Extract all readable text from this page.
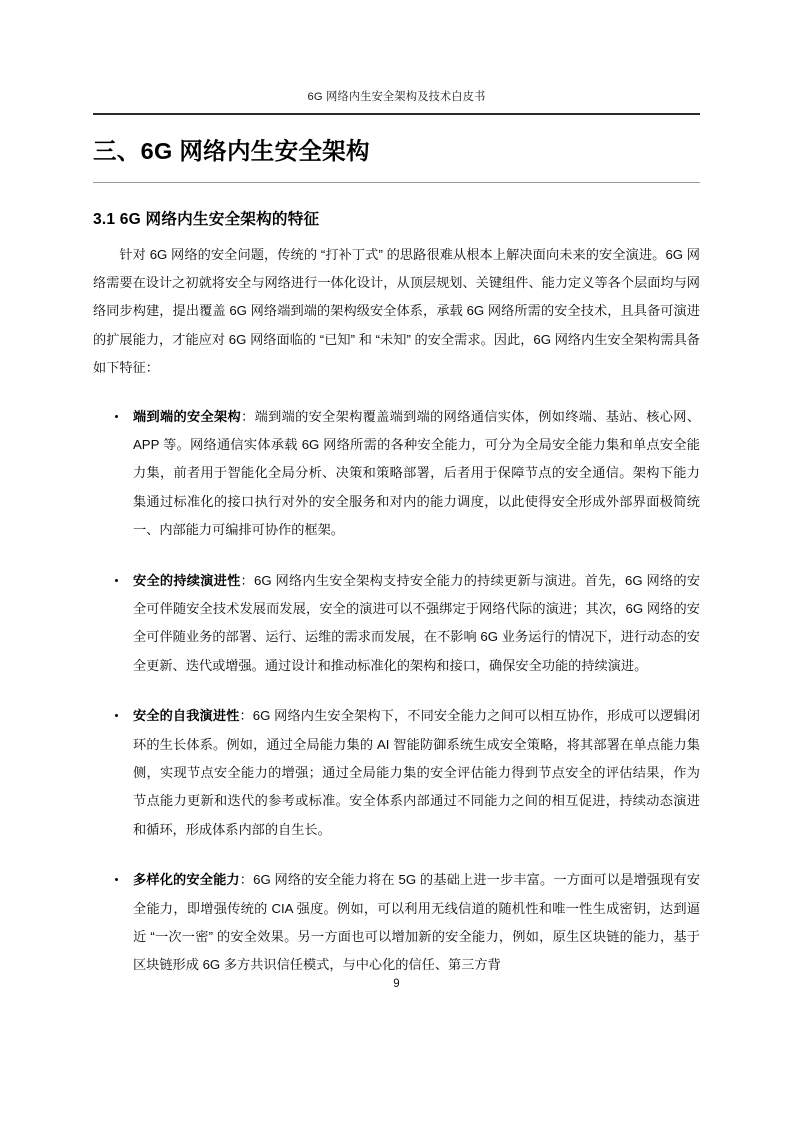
6G 网络内生安全架构及技术白皮书
三、6G 网络内生安全架构
3.1 6G 网络内生安全架构的特征

针对 6G 网络的安全问题，传统的 “打补丁式” 的思路很难从根本上解决面向未来的安全演进。6G 网络需要在设计之初就将安全与网络进行一体化设计，从顶层规划、关键组件、能力定义等各个层面均与网络同步构建，提出覆盖 6G 网络端到端的架构级安全体系，承载 6G 网络所需的安全技术，且具备可演进的扩展能力，才能应对 6G 网络面临的 “已知” 和 “未知” 的安全需求。因此，6G 网络内生安全架构需具备如下特征：

端到端的安全架构：端到端的安全架构覆盖端到端的网络通信实体，例如终端、基站、核心网、APP 等。网络通信实体承载 6G 网络所需的各种安全能力，可分为全局安全能力集和单点安全能力集，前者用于智能化全局分析、决策和策略部署，后者用于保障节点的安全通信。架构下能力集通过标准化的接口执行对外的安全服务和对内的能力调度，以此使得安全形成外部界面极简统一、内部能力可编排可协作的框架。
安全的持续演进性：6G 网络内生安全架构支持安全能力的持续更新与演进。首先，6G 网络的安全可伴随安全技术发展而发展，安全的演进可以不强绑定于网络代际的演进；其次，6G 网络的安全可伴随业务的部署、运行、运维的需求而发展，在不影响 6G 业务运行的情况下，进行动态的安全更新、迭代或增强。通过设计和推动标准化的架构和接口，确保安全功能的持续演进。
安全的自我演进性：6G 网络内生安全架构下，不同安全能力之间可以相互协作，形成可以逻辑闭环的生长体系。例如，通过全局能力集的 AI 智能防御系统生成安全策略，将其部署在单点能力集侧，实现节点安全能力的增强；通过全局能力集的安全评估能力得到节点安全的评估结果，作为节点能力更新和迭代的参考或标准。安全体系内部通过不同能力之间的相互促进，持续动态演进和循环，形成体系内部的自生长。
多样化的安全能力：6G 网络的安全能力将在 5G 的基础上进一步丰富。一方面可以是增强现有安全能力，即增强传统的 CIA 强度。例如，可以利用无线信道的随机性和唯一性生成密钥，达到逼近 “一次一密” 的安全效果。另一方面也可以增加新的安全能力，例如，原生区块链的能力，基于区块链形成 6G 多方共识信任模式，与中心化的信任、第三方背
9
